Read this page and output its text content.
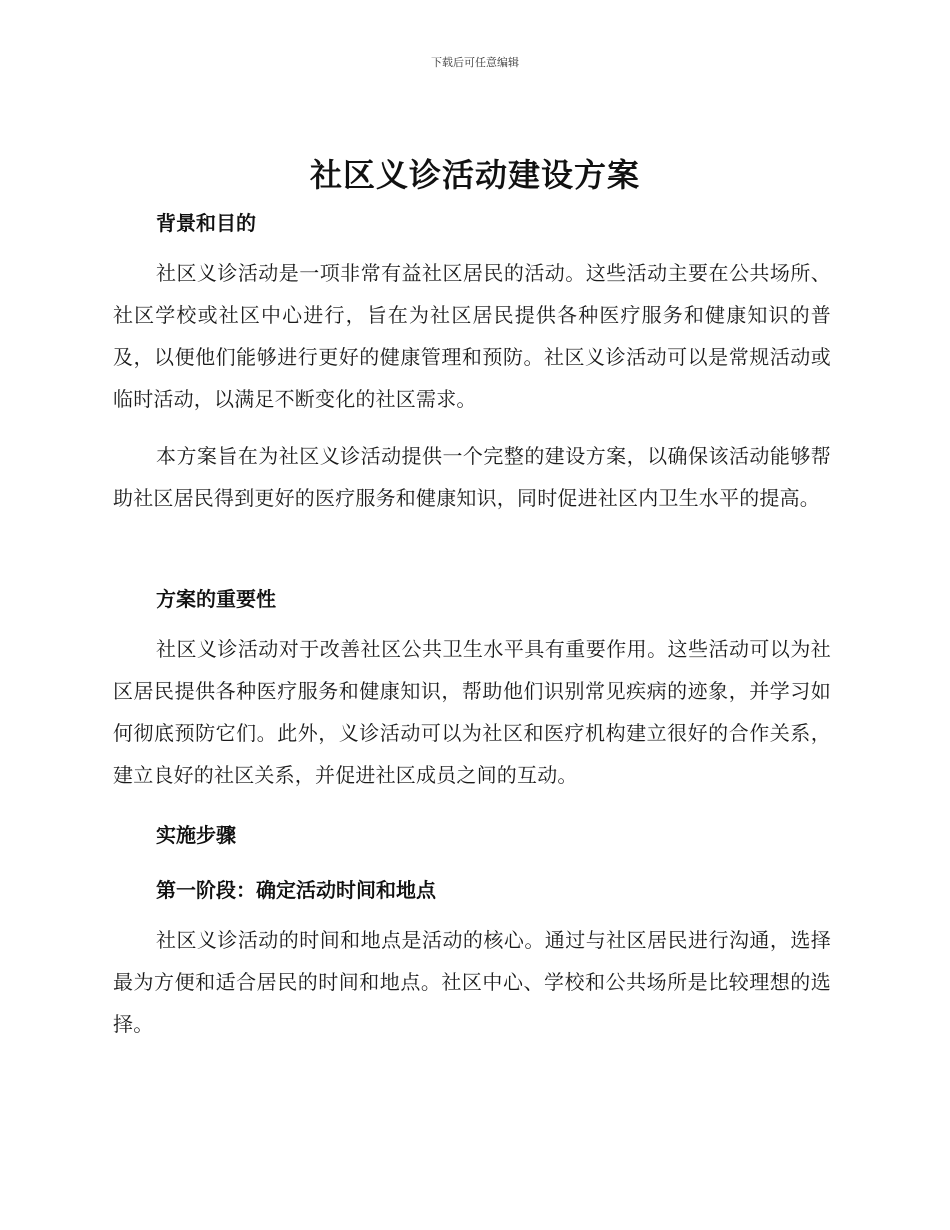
下载后可任意编辑
社区义诊活动建设方案
背景和目的

社区义诊活动是一项非常有益社区居民的活动。这些活动主要在公共场所、社区学校或社区中心进行，旨在为社区居民提供各种医疗服务和健康知识的普及，以便他们能够进行更好的健康管理和预防。社区义诊活动可以是常规活动或临时活动，以满足不断变化的社区需求。

本方案旨在为社区义诊活动提供一个完整的建设方案，以确保该活动能够帮助社区居民得到更好的医疗服务和健康知识，同时促进社区内卫生水平的提高。

方案的重要性

社区义诊活动对于改善社区公共卫生水平具有重要作用。这些活动可以为社区居民提供各种医疗服务和健康知识，帮助他们识别常见疾病的迹象，并学习如何彻底预防它们。此外，义诊活动可以为社区和医疗机构建立很好的合作关系，建立良好的社区关系，并促进社区成员之间的互动。

实施步骤
第一阶段：确定活动时间和地点

社区义诊活动的时间和地点是活动的核心。通过与社区居民进行沟通，选择最为方便和适合居民的时间和地点。社区中心、学校和公共场所是比较理想的选择。
